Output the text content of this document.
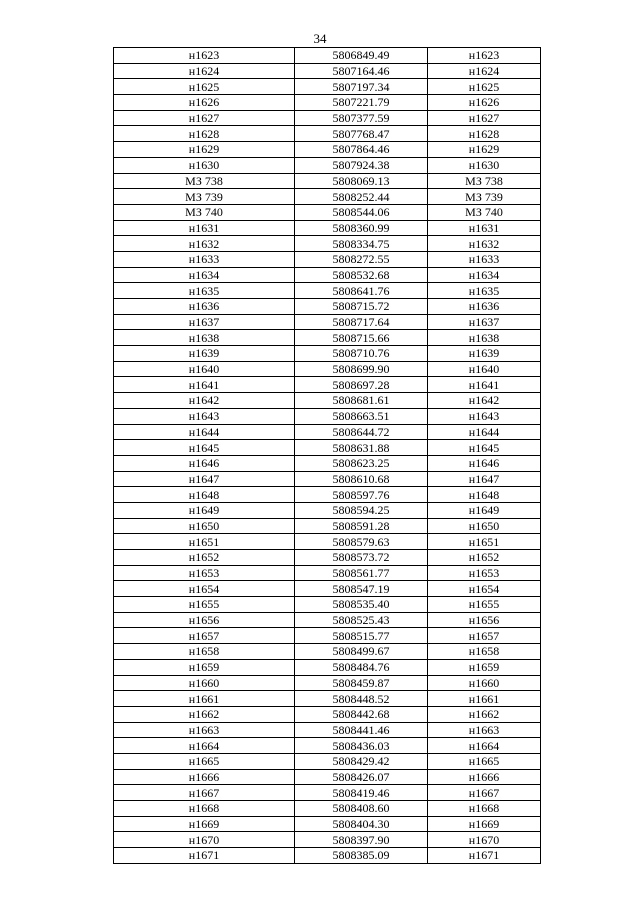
34
н1623	5806849.49	н1623
н1624	5807164.46	н1624
н1625	5807197.34	н1625
н1626	5807221.79	н1626
н1627	5807377.59	н1627
н1628	5807768.47	н1628
н1629	5807864.46	н1629
н1630	5807924.38	н1630
МЗ 738	5808069.13	МЗ 738
МЗ 739	5808252.44	МЗ 739
МЗ 740	5808544.06	МЗ 740
н1631	5808360.99	н1631
н1632	5808334.75	н1632
н1633	5808272.55	н1633
н1634	5808532.68	н1634
н1635	5808641.76	н1635
н1636	5808715.72	н1636
н1637	5808717.64	н1637
н1638	5808715.66	н1638
н1639	5808710.76	н1639
н1640	5808699.90	н1640
н1641	5808697.28	н1641
н1642	5808681.61	н1642
н1643	5808663.51	н1643
н1644	5808644.72	н1644
н1645	5808631.88	н1645
н1646	5808623.25	н1646
н1647	5808610.68	н1647
н1648	5808597.76	н1648
н1649	5808594.25	н1649
н1650	5808591.28	н1650
н1651	5808579.63	н1651
н1652	5808573.72	н1652
н1653	5808561.77	н1653
н1654	5808547.19	н1654
н1655	5808535.40	н1655
н1656	5808525.43	н1656
н1657	5808515.77	н1657
н1658	5808499.67	н1658
н1659	5808484.76	н1659
н1660	5808459.87	н1660
н1661	5808448.52	н1661
н1662	5808442.68	н1662
н1663	5808441.46	н1663
н1664	5808436.03	н1664
н1665	5808429.42	н1665
н1666	5808426.07	н1666
н1667	5808419.46	н1667
н1668	5808408.60	н1668
н1669	5808404.30	н1669
н1670	5808397.90	н1670
н1671	5808385.09	н1671
